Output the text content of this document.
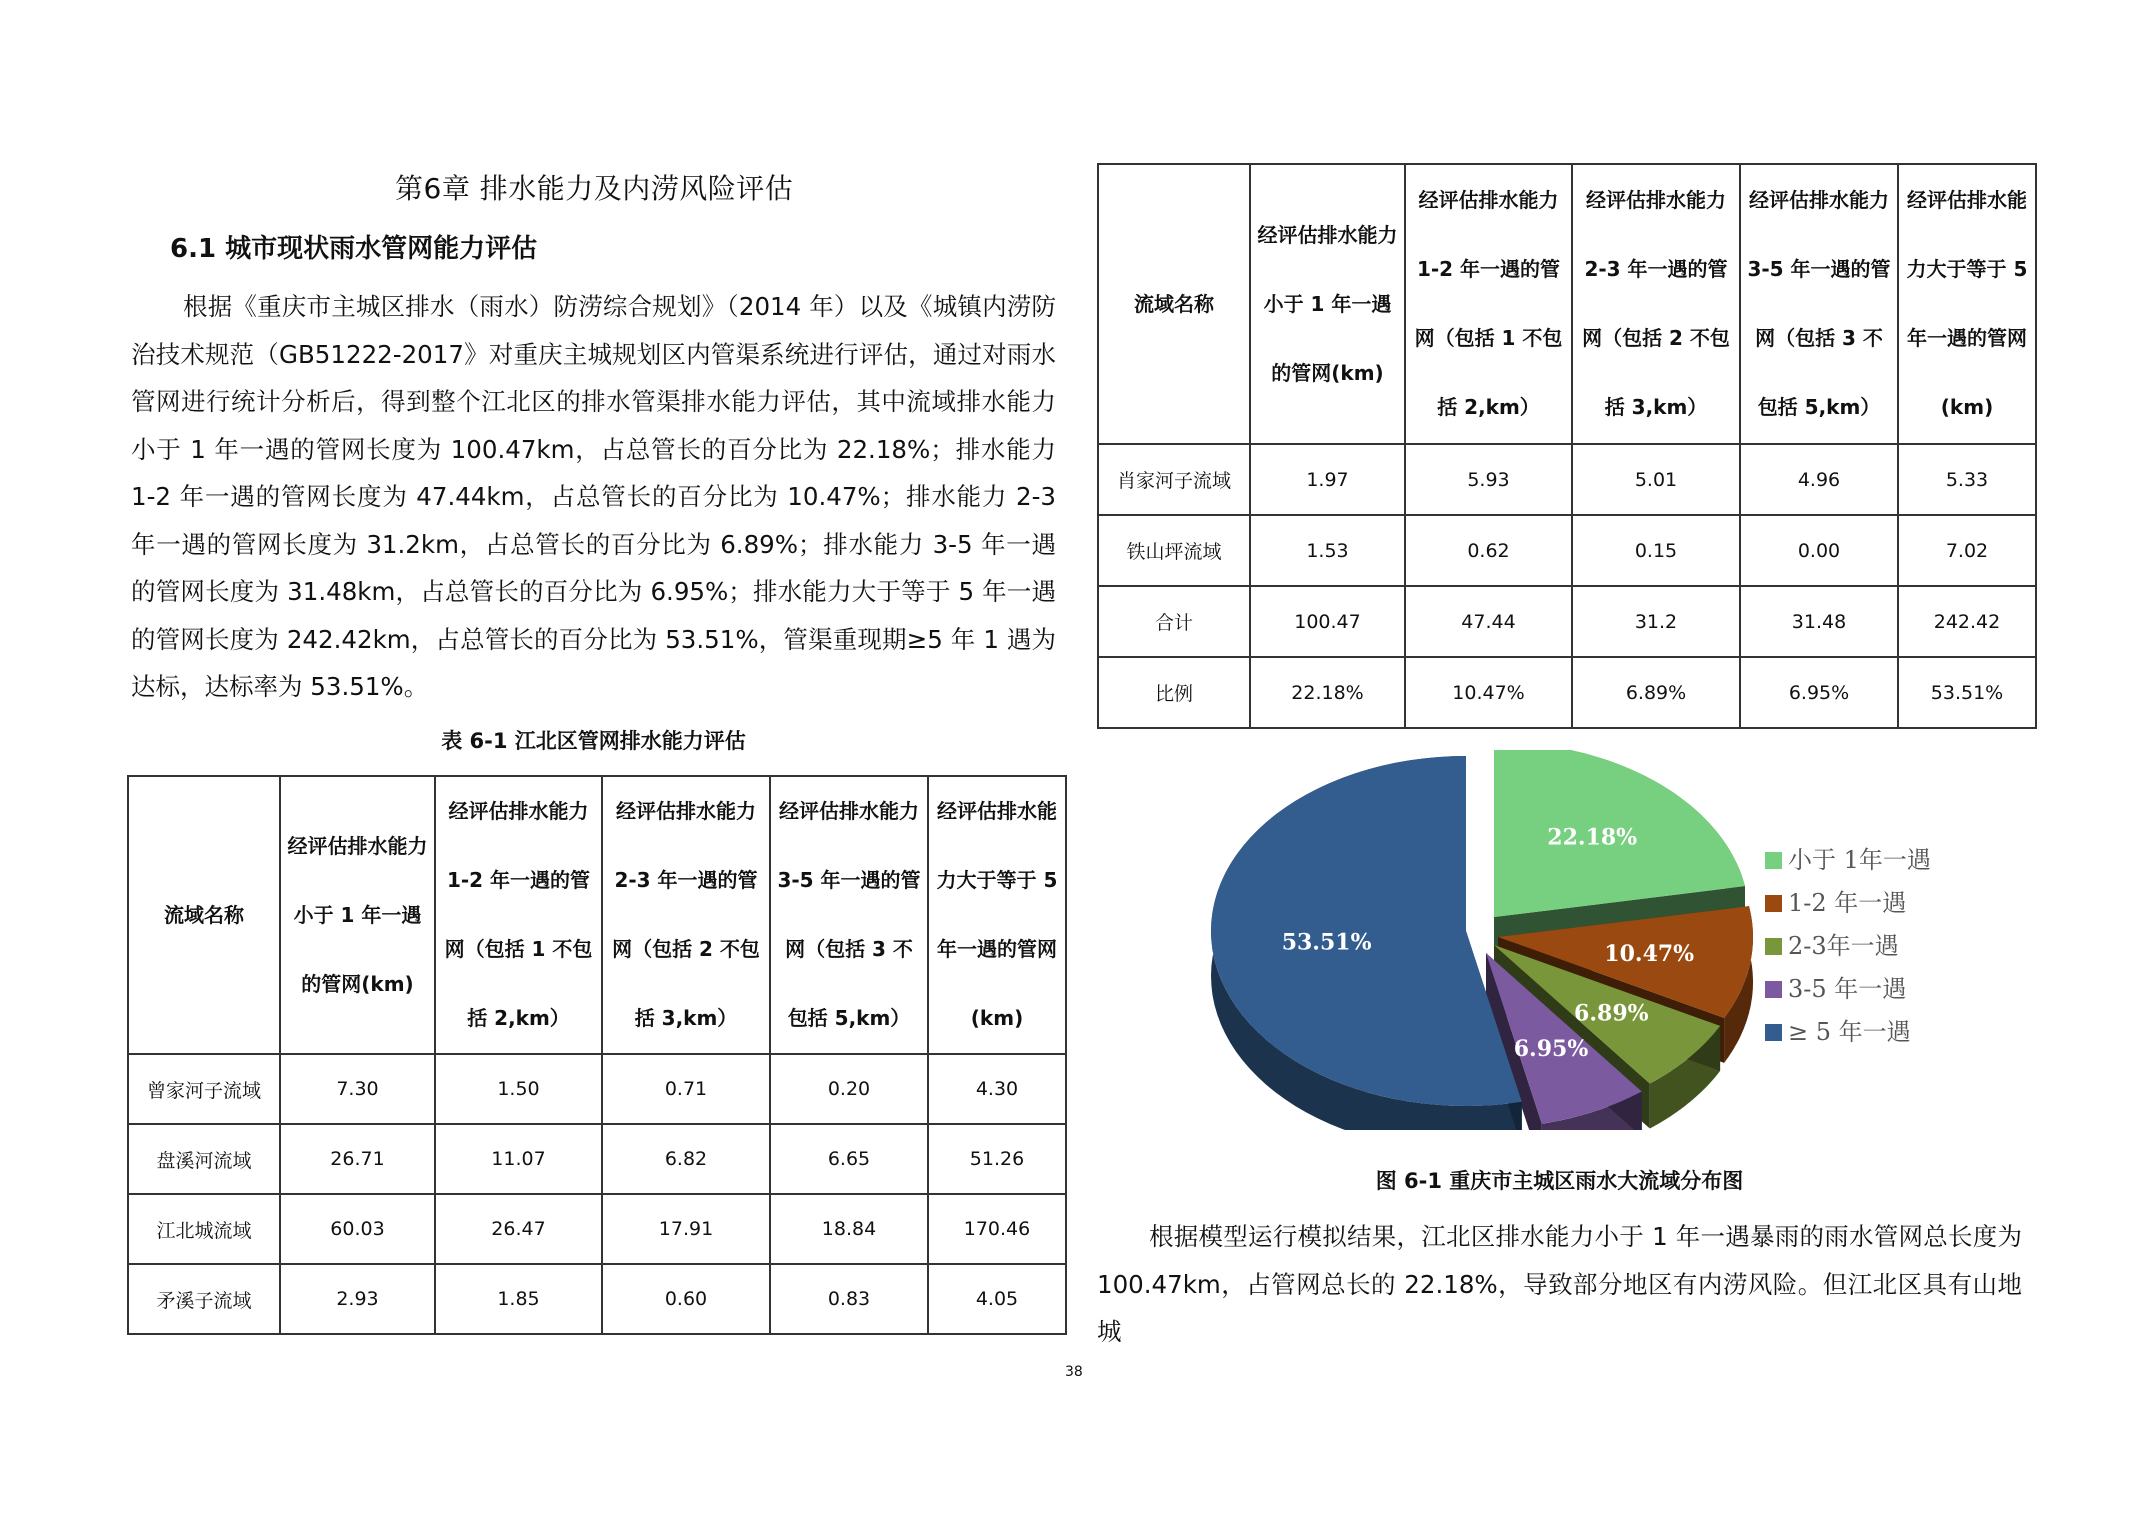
第6章 排水能力及内涝风险评估
6.1 城市现状雨水管网能力评估
根据《重庆市主城区排水（雨水）防涝综合规划》（2014 年）以及《城镇内涝防治技术规范（GB51222-2017》对重庆主城规划区内管渠系统进行评估，通过对雨水管网进行统计分析后，得到整个江北区的排水管渠排水能力评估，其中流域排水能力小于 1 年一遇的管网长度为 100.47km，占总管长的百分比为 22.18%；排水能力 1-2 年一遇的管网长度为 47.44km，占总管长的百分比为 10.47%；排水能力 2-3 年一遇的管网长度为 31.2km，占总管长的百分比为 6.89%；排水能力 3-5 年一遇的管网长度为 31.48km，占总管长的百分比为 6.95%；排水能力大于等于 5 年一遇的管网长度为 242.42km，占总管长的百分比为 53.51%，管渠重现期≥5 年 1 遇为达标，达标率为 53.51%。
表 6-1 江北区管网排水能力评估
流域名称	经评估排水能力小于 1 年一遇的管网(km)	经评估排水能力 1-2 年一遇的管网（包括 1 不包括 2,km）	经评估排水能力 2-3 年一遇的管网（包括 2 不包括 3,km）	经评估排水能力 3-5 年一遇的管网（包括 3 不包括 5,km）	经评估排水能力大于等于 5 年一遇的管网(km)
曾家河子流域	7.30	1.50	0.71	0.20	4.30
盘溪河流域	26.71	11.07	6.82	6.65	51.26
江北城流域	60.03	26.47	17.91	18.84	170.46
矛溪子流域	2.93	1.85	0.60	0.83	4.05
流域名称	经评估排水能力小于 1 年一遇的管网(km)	经评估排水能力 1-2 年一遇的管网（包括 1 不包括 2,km）	经评估排水能力 2-3 年一遇的管网（包括 2 不包括 3,km）	经评估排水能力 3-5 年一遇的管网（包括 3 不包括 5,km）	经评估排水能力大于等于 5 年一遇的管网(km)
肖家河子流域	1.97	5.93	5.01	4.96	5.33
铁山坪流域	1.53	0.62	0.15	0.00	7.02
合计	100.47	47.44	31.2	31.48	242.42
比例	22.18%	10.47%	6.89%	6.95%	53.51%
22.18%
10.47%
6.89%
6.95%
53.51%
小于 1年一遇
1-2 年一遇
2-3年一遇
3-5 年一遇
≥ 5 年一遇
图 6-1 重庆市主城区雨水大流域分布图
根据模型运行模拟结果，江北区排水能力小于 1 年一遇暴雨的雨水管网总长度为 100.47km，占管网总长的 22.18%，导致部分地区有内涝风险。但江北区具有山地城
38
